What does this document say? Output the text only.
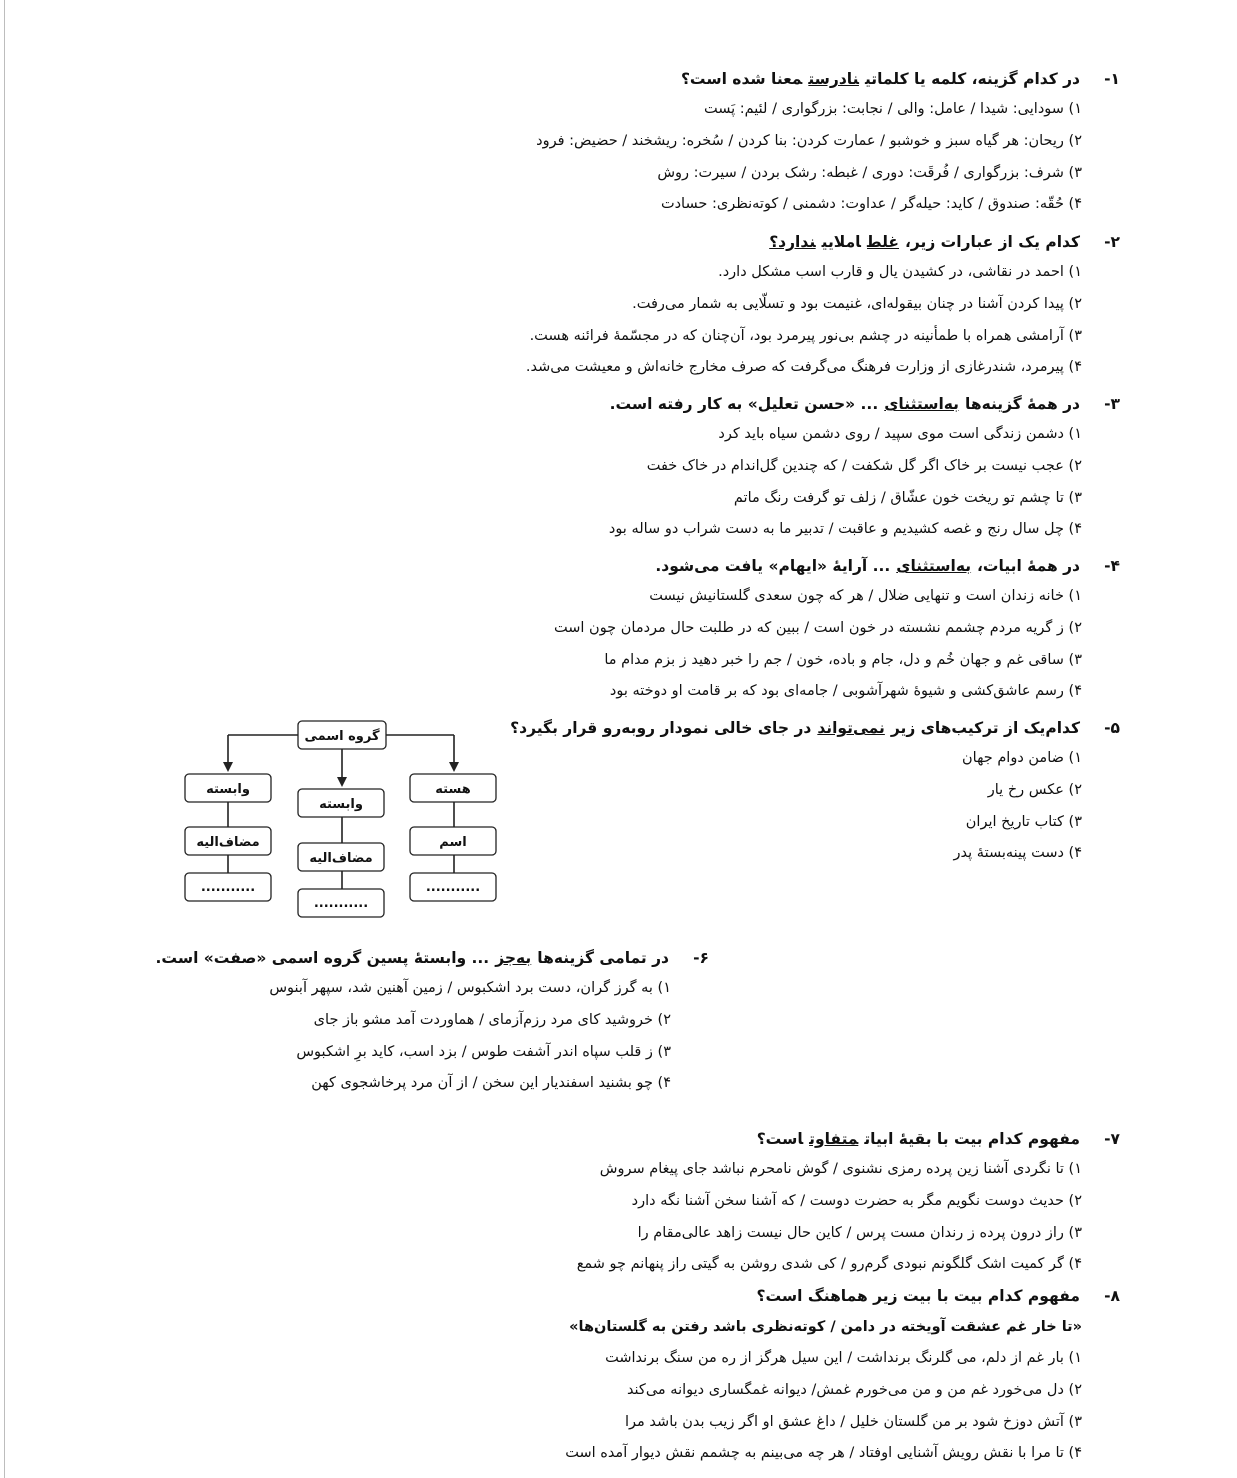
۱-در کدام گزینه، کلمه یا کلماتینادرستمعنا شده است؟
۱) سودایی: شیدا / عامل: والی / نجابت: بزرگواری / لئیم: پَست
۲) ریحان: هر گیاه سبز و خوشبو / عمارت کردن: بنا کردن / سُخره: ریشخند / حضیض: فرود
۳) شرف: بزرگواری / فُرقَت: دوری / غبطه: رشک بردن / سیرت: روش
۴) حُقّه: صندوق / کاید: حیله‌گر / عداوت: دشمنی / کوته‌نظری: حسادت
۲-کدام یک از عبارات زیر،غلطاملاییندارد؟
۱) احمد در نقاشی، در کشیدن یال و قارب اسب مشکل دارد.
۲) پیدا کردن آشنا در چنان بیقوله‌ای، غنیمت بود و تسلّایی به شمار می‌رفت.
۳) آرامشی همراه با طمأنینه در چشم بی‌نور پیرمرد بود، آن‌چنان که در مجسّمهٔ فرائنه هست.
۴) پیرمرد، شندرغازی از وزارت فرهنگ می‌گرفت که صرف مخارج خانه‌اش و معیشت می‌شد.
۳-در همهٔ گزینه‌هابه‌استثنای... «حسن تعلیل» به کار رفته است.
۱) دشمن زندگی است موی سپید / روی دشمن سیاه باید کرد
۲) عجب نیست بر خاک اگر گل شکفت / که چندین گل‌اندام در خاک خفت
۳) تا چشم تو ریخت خون عشّاق / زلف تو گرفت رنگ ماتم
۴) چل سال رنج و غصه کشیدیم و عاقبت / تدبیر ما به دست شراب دو ساله بود
۴-در همهٔ ابیات،به‌استثنای... آرایهٔ «ایهام» یافت می‌شود.
۱) خانه زندان است و تنهایی ضلال / هر که چون سعدی گلستانیش نیست
۲) ز گریه مردم چشمم نشسته در خون است / ببین که در طلبت حال مردمان چون است
۳) ساقی غم و جهان خُم و دل، جام و باده، خون / جم را خبر دهید ز بزم مدام ما
۴) رسم عاشق‌کشی و شیوهٔ شهرآشوبی / جامه‌ای بود که بر قامت او دوخته بود
۵-کدام‌یک از ترکیب‌های زیرنمی‌توانددر جای خالی نمودار روبه‌رو قرار بگیرد؟
۱) ضامن دوام جهان
۲) عکس رخ یار
۳) کتاب تاریخ ایران
۴) دست پینه‌بستهٔ پدر
گروه اسمی
وابسته
وابسته
هسته
مضاف‌الیه
مضاف‌الیه
اسم
...........
...........
...........
۶-در تمامی گزینه‌هابه‌جز... وابستهٔ پسین گروه اسمی «صفت» است.
۱) به گرز گران، دست برد اشکبوس / زمین آهنین شد، سپهر آبنوس
۲) خروشید کای مرد رزم‌آزمای / هماوردت آمد مشو باز جای
۳) ز قلب سپاه اندر آشفت طوس / بزد اسب، کاید برِ اشکبوس
۴) چو بشنید اسفندیار این سخن / از آن مرد پرخاشجوی کهن
۷-مفهوم کدام بیت با بقیهٔ ابیاتمتفاوتاست؟
۱) تا نگردی آشنا زین پرده رمزی نشنوی / گوش نامحرم نباشد جای پیغام سروش
۲) حدیث دوست نگویم مگر به حضرت دوست / که آشنا سخن آشنا نگه دارد
۳) راز درون پرده ز رندان مست پرس / کاین حال نیست زاهد عالی‌مقام را
۴) گر کمیت اشک گلگونم نبودی گرم‌رو / کی شدی روشن به گیتی راز پنهانم چو شمع
۸-مفهوم کدام بیت با بیت زیر هماهنگ است؟
«تا خار غم عشقت آویخته در دامن / کوته‌نظری باشد رفتن به گلستان‌ها»
۱) بار غم از دلم، می گلرنگ برنداشت / این سیل هرگز از ره من سنگ برنداشت
۲) دل می‌خورد غم من و من می‌خورم غمش/ دیوانه غمگساری دیوانه می‌کند
۳) آتش دوزخ شود بر من گلستان خلیل / داغ عشق او اگر زیب بدن باشد مرا
۴) تا مرا با نقش رویش آشنایی اوفتاد / هر چه می‌بینم به چشمم نقش دیوار آمده است
